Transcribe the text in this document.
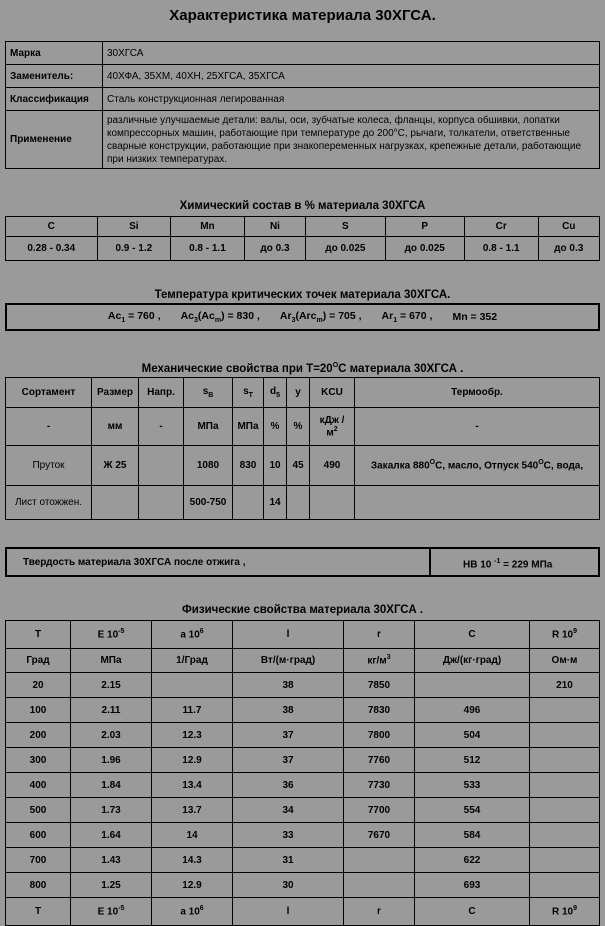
Характеристика материала 30ХГСА.
Марка	30ХГСА
Заменитель:	40ХФА, 35ХМ, 40ХН, 25ХГСА, 35ХГСА
Классификация	Сталь конструкционная легированная
Применение	различные улучшаемые детали: валы, оси, зубчатые колеса, фланцы, корпуса обшивки, лопатки компрессорных машин, работающие при температуре до 200°С, рычаги, толкатели, ответственные сварные конструкции, работающие при знакопеременных нагрузках, крепежные детали, работающие при низких температурах.
Химический состав в % материала 30ХГСА
C	Si	Mn	Ni	S	P	Cr	Cu
0.28 - 0.34	0.9 - 1.2	0.8 - 1.1	до 0.3	до 0.025	до 0.025	0.8 - 1.1	до 0.3
Температура критических точек материала 30ХГСА.
$Ac_1 = 760$ , $Ac_3(Ac_m) = 830$ , $Ar_3(Arc_m) = 705$ , $Ar_1 = 670$ , Mn = 352
Механические свойства при $Т=20^OС$ материала 30ХГСА .
Сортамент	Размер	Напр.	$s_B$	$s_T$	$d_5$	y	KCU	Термообр.
-	мм	-	МПа	МПа	%	%	кДж / $м^2$	-
Пруток	Ж 25		1080	830	10	45	490	Закалка $880^OС$, масло, Отпуск $540^OС$, вода,
Лист отожжен.			500-750		14			
Твердость материала 30ХГСА после отжига ,	HB 10 $^{-1}$ = 229 МПа
Физические свойства материала 30ХГСА .
T	E $10^{-5}$	a $10^6$	l	r	C	R $10^9$
Град	МПа	1/Град	Вт/(м·град)	$кг/м^3$	Дж/(кг·град)	Ом·м
20	2.15		38	7850		210
100	2.11	11.7	38	7830	496	
200	2.03	12.3	37	7800	504	
300	1.96	12.9	37	7760	512	
400	1.84	13.4	36	7730	533	
500	1.73	13.7	34	7700	554	
600	1.64	14	33	7670	584	
700	1.43	14.3	31		622	
800	1.25	12.9	30		693	
T	E $10^{-5}$	a $10^6$	l	r	C	R $10^9$
